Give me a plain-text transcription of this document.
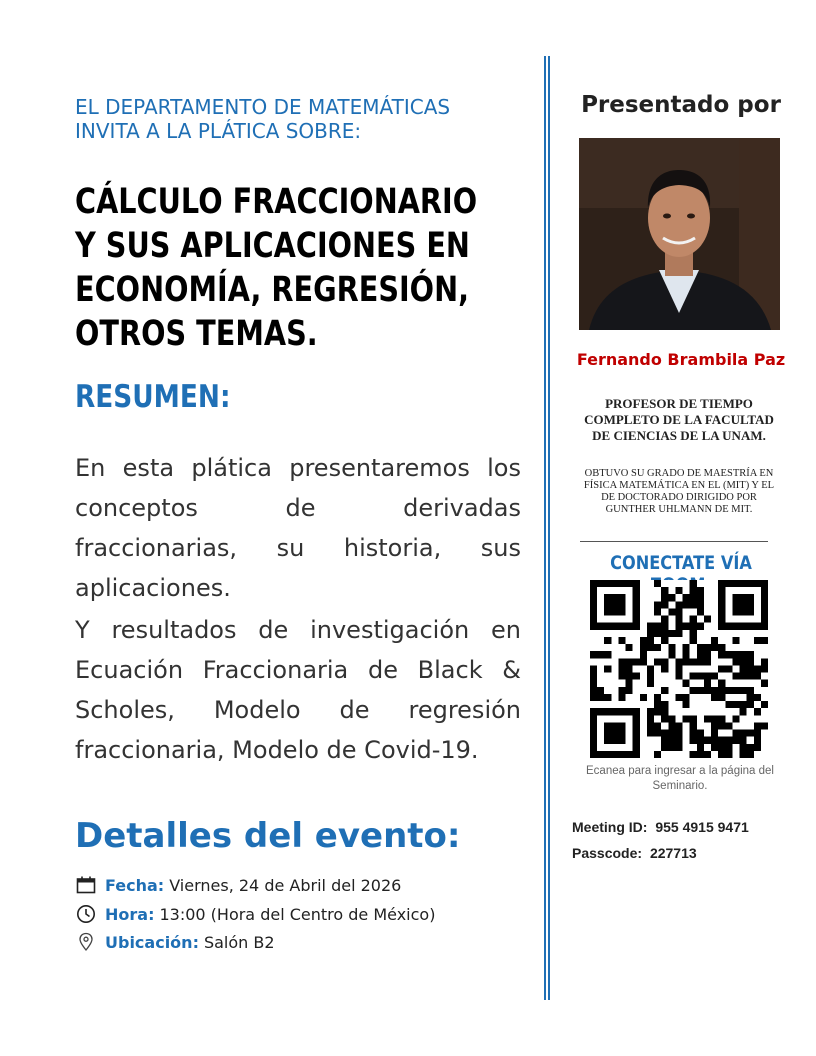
EL DEPARTAMENTO DE MATEMÁTICAS INVITA A LA PLÁTICA SOBRE:
CÁLCULO FRACCIONARIO
Y SUS APLICACIONES EN
ECONOMÍA, REGRESIÓN,
OTROS TEMAS.
RESUMEN:
En esta plática presentaremos los conceptos de derivadas fraccionarias, su historia, sus aplicaciones.
Y resultados de investigación en Ecuación Fraccionaria de Black & Scholes, Modelo de regresión fraccionaria, Modelo de Covid-19.
Detalles del evento:
Fecha: Viernes, 24 de Abril del 2026
Hora: 13:00 (Hora del Centro de México)
Ubicación: Salón B2
Presentado por
Fernando Brambila Paz
PROFESOR DE TIEMPO COMPLETO DE LA FACULTAD DE CIENCIAS DE LA UNAM.
OBTUVO SU GRADO DE MAESTRÍA EN FÍSICA MATEMÁTICA EN EL (MIT) Y EL DE DOCTORADO DIRIGIDO POR GUNTHER UHLMANN DE MIT.
CONECTATE VÍA
Ecanea para ingresar a la página del Seminario.
Meeting ID: 955 4915 9471
Passcode: 227713
